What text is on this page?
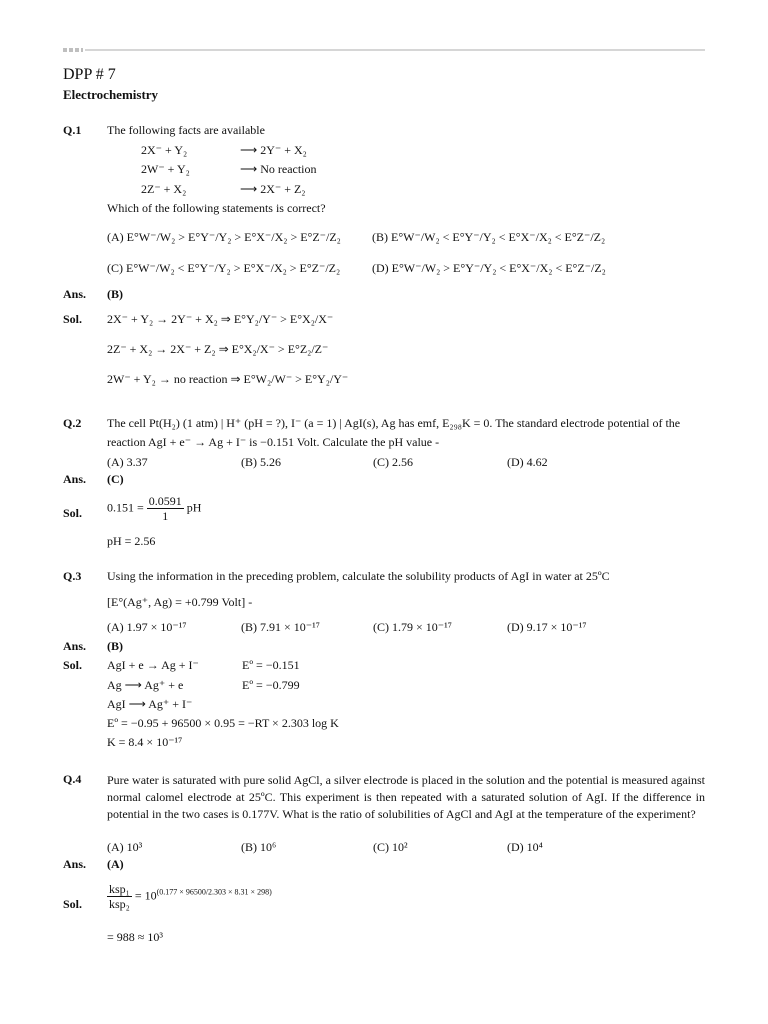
DPP # 7
Electrochemistry
Q.1 The following facts are available
2X⁻ + Y₂	⟶ 2Y⁻ + X₂
2W⁻ + Y₂	⟶ No reaction
2Z⁻ + X₂	⟶ 2X⁻ + Z₂
Which of the following statements is correct?
(A) E°W⁻/W₂ > E°Y⁻/Y₂ > E°X⁻/X₂ > E°Z⁻/Z₂	(B) E°W⁻/W₂ < E°Y⁻/Y₂ < E°X⁻/X₂ < E°Z⁻/Z₂
(C) E°W⁻/W₂ < E°Y⁻/Y₂ > E°X⁻/X₂ > E°Z⁻/Z₂	(D) E°W⁻/W₂ > E°Y⁻/Y₂ < E°X⁻/X₂ < E°Z⁻/Z₂
Ans. (B)
Sol. 2X⁻ + Y₂ → 2Y⁻ + X₂ ⇒ E°Y₂/Y⁻ > E°X₂/X⁻
2Z⁻ + X₂ → 2X⁻ + Z₂ ⇒ E°X₂/X⁻ > E°Z₂/Z⁻
2W⁻ + Y₂ → no reaction ⇒ E°W₂/W⁻ > E°Y₂/Y⁻
Q.2 The cell Pt(H₂) (1 atm) | H⁺ (pH = ?), I⁻ (a = 1) | AgI(s), Ag has emf, E₂₉₈K = 0. The standard electrode potential of the
reaction AgI + e⁻ → Ag + I⁻ is −0.151 Volt. Calculate the pH value -
(A) 3.37	(B) 5.26	(C) 2.56	(D) 4.62
Ans. (C)
Sol. $0.151 = \frac{0.0591}{1}$ pH
pH = 2.56
Q.3 Using the information in the preceding problem, calculate the solubility products of AgI in water at 25ºC
[E°(Ag⁺, Ag) = +0.799 Volt] -
(A) 1.97 × 10⁻¹⁷	(B) 7.91 × 10⁻¹⁷	(C) 1.79 × 10⁻¹⁷	(D) 9.17 × 10⁻¹⁷
Ans. (B)
Sol. AgI + e → Ag + I⁻	Eº = −0.151
Ag ⟶ Ag⁺ + e	Eº = −0.799
AgI ⟶ Ag⁺ + I⁻
Eº = −0.95 + 96500 × 0.95 = −RT × 2.303 log K
K = 8.4 × 10⁻¹⁷
Q.4 Pure water is saturated with pure solid AgCl, a silver electrode is placed in the solution and the potential is measured against normal calomel electrode at 25ºC. This experiment is then repeated with a saturated solution of AgI. If the difference in potential in the two cases is 0.177V. What is the ratio of solubilities of AgCl and AgI at the temperature of the experiment?
(A) 10³	(B) 10⁶	(C) 10²	(D) 10⁴
Ans. (A)
Sol. $\frac{\text{ksp₁}}{\text{ksp₂}} = 10^{(0.177 \times 96500/2.303 \times 8.31 \times 298)}$
= 988 ≈ 10³
